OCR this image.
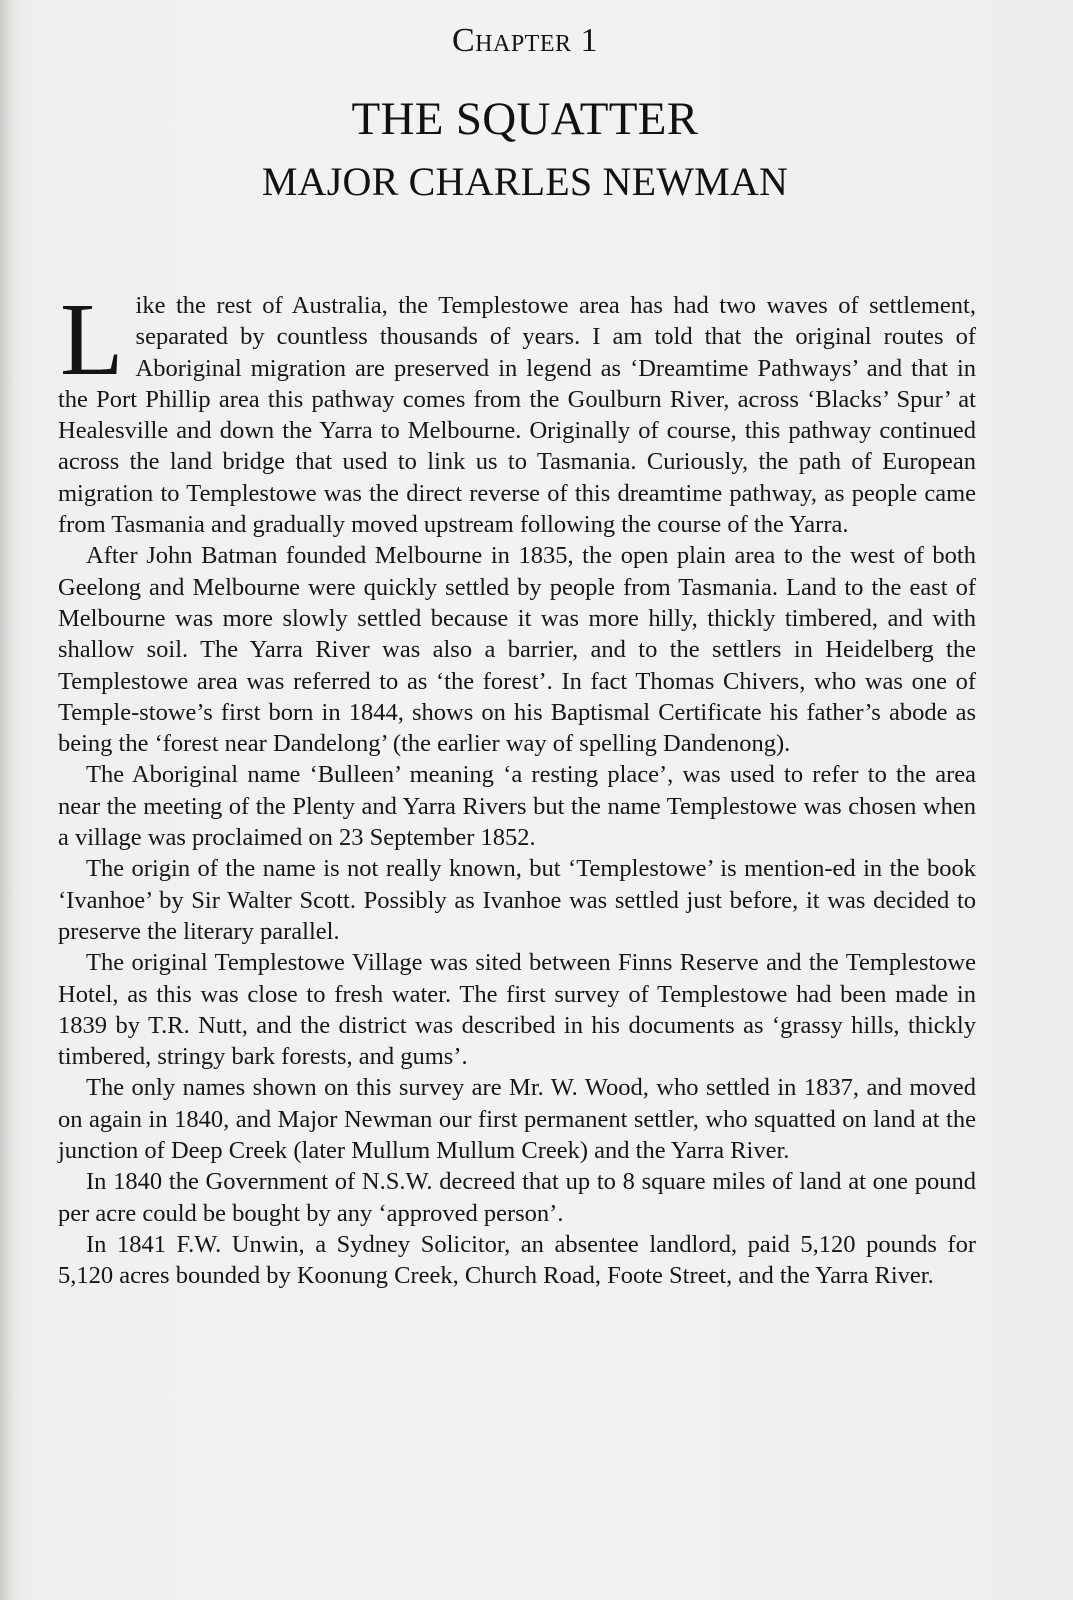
Chapter 1
THE SQUATTER
MAJOR CHARLES NEWMAN

Like the rest of Australia, the Templestowe area has had two waves of settlement, separated by countless thousands of years. I am told that the original routes of Aboriginal migration are preserved in legend as ‘Dreamtime Pathways’ and that in the Port Phillip area this pathway comes from the Goulburn River, across ‘Blacks’ Spur’ at Healesville and down the Yarra to Melbourne. Originally of course, this pathway continued across the land bridge that used to link us to Tasmania. Curiously, the path of European migration to Templestowe was the direct reverse of this dreamtime pathway, as people came from Tasmania and gradually moved upstream following the course of the Yarra.

After John Batman founded Melbourne in 1835, the open plain area to the west of both Geelong and Melbourne were quickly settled by people from Tasmania. Land to the east of Melbourne was more slowly settled because it was more hilly, thickly timbered, and with shallow soil. The Yarra River was also a barrier, and to the settlers in Heidelberg the Templestowe area was referred to as ‘the forest’. In fact Thomas Chivers, who was one of Temple-stowe’s first born in 1844, shows on his Baptismal Certificate his father’s abode as being the ‘forest near Dandelong’ (the earlier way of spelling Dandenong).

The Aboriginal name ‘Bulleen’ meaning ‘a resting place’, was used to refer to the area near the meeting of the Plenty and Yarra Rivers but the name Templestowe was chosen when a village was proclaimed on 23 September 1852.

The origin of the name is not really known, but ‘Templestowe’ is mention-ed in the book ‘Ivanhoe’ by Sir Walter Scott. Possibly as Ivanhoe was settled just before, it was decided to preserve the literary parallel.

The original Templestowe Village was sited between Finns Reserve and the Templestowe Hotel, as this was close to fresh water. The first survey of Templestowe had been made in 1839 by T.R. Nutt, and the district was described in his documents as ‘grassy hills, thickly timbered, stringy bark forests, and gums’.

The only names shown on this survey are Mr. W. Wood, who settled in 1837, and moved on again in 1840, and Major Newman our first permanent settler, who squatted on land at the junction of Deep Creek (later Mullum Mullum Creek) and the Yarra River.

In 1840 the Government of N.S.W. decreed that up to 8 square miles of land at one pound per acre could be bought by any ‘approved person’.

In 1841 F.W. Unwin, a Sydney Solicitor, an absentee landlord, paid 5,120 pounds for 5,120 acres bounded by Koonung Creek, Church Road, Foote Street, and the Yarra River.
